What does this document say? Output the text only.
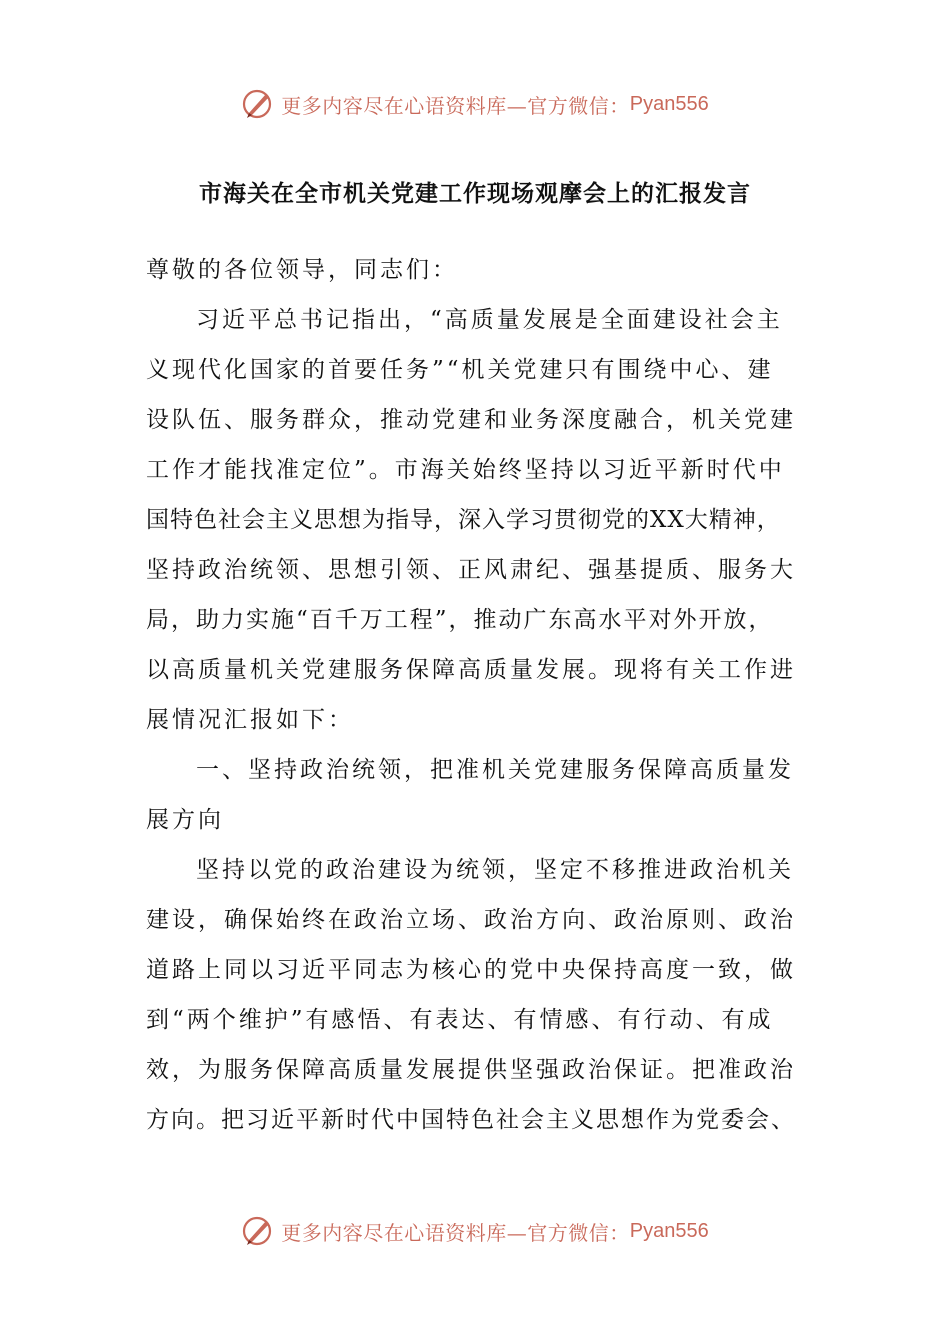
更多内容尽在心语资料库—官方微信： Pyan556
市海关在全市机关党建工作现场观摩会上的汇报发言
尊敬的各位领导，同志们：
习近平总书记指出，“高质量发展是全面建设社会主
义现代化国家的首要任务”“机关党建只有围绕中心、建
设队伍、服务群众，推动党建和业务深度融合，机关党建
工作才能找准定位”。市海关始终坚持以习近平新时代中
国特色社会主义思想为指导，深入学习贯彻党的XX大精神，
坚持政治统领、思想引领、正风肃纪、强基提质、服务大
局，助力实施“百千万工程”，推动广东高水平对外开放，
以高质量机关党建服务保障高质量发展。现将有关工作进
展情况汇报如下：
一、坚持政治统领，把准机关党建服务保障高质量发
展方向
坚持以党的政治建设为统领，坚定不移推进政治机关
建设，确保始终在政治立场、政治方向、政治原则、政治
道路上同以习近平同志为核心的党中央保持高度一致，做
到“两个维护”有感悟、有表达、有情感、有行动、有成
效，为服务保障高质量发展提供坚强政治保证。把准政治
方向。把习近平新时代中国特色社会主义思想作为党委会、
更多内容尽在心语资料库—官方微信： Pyan556
